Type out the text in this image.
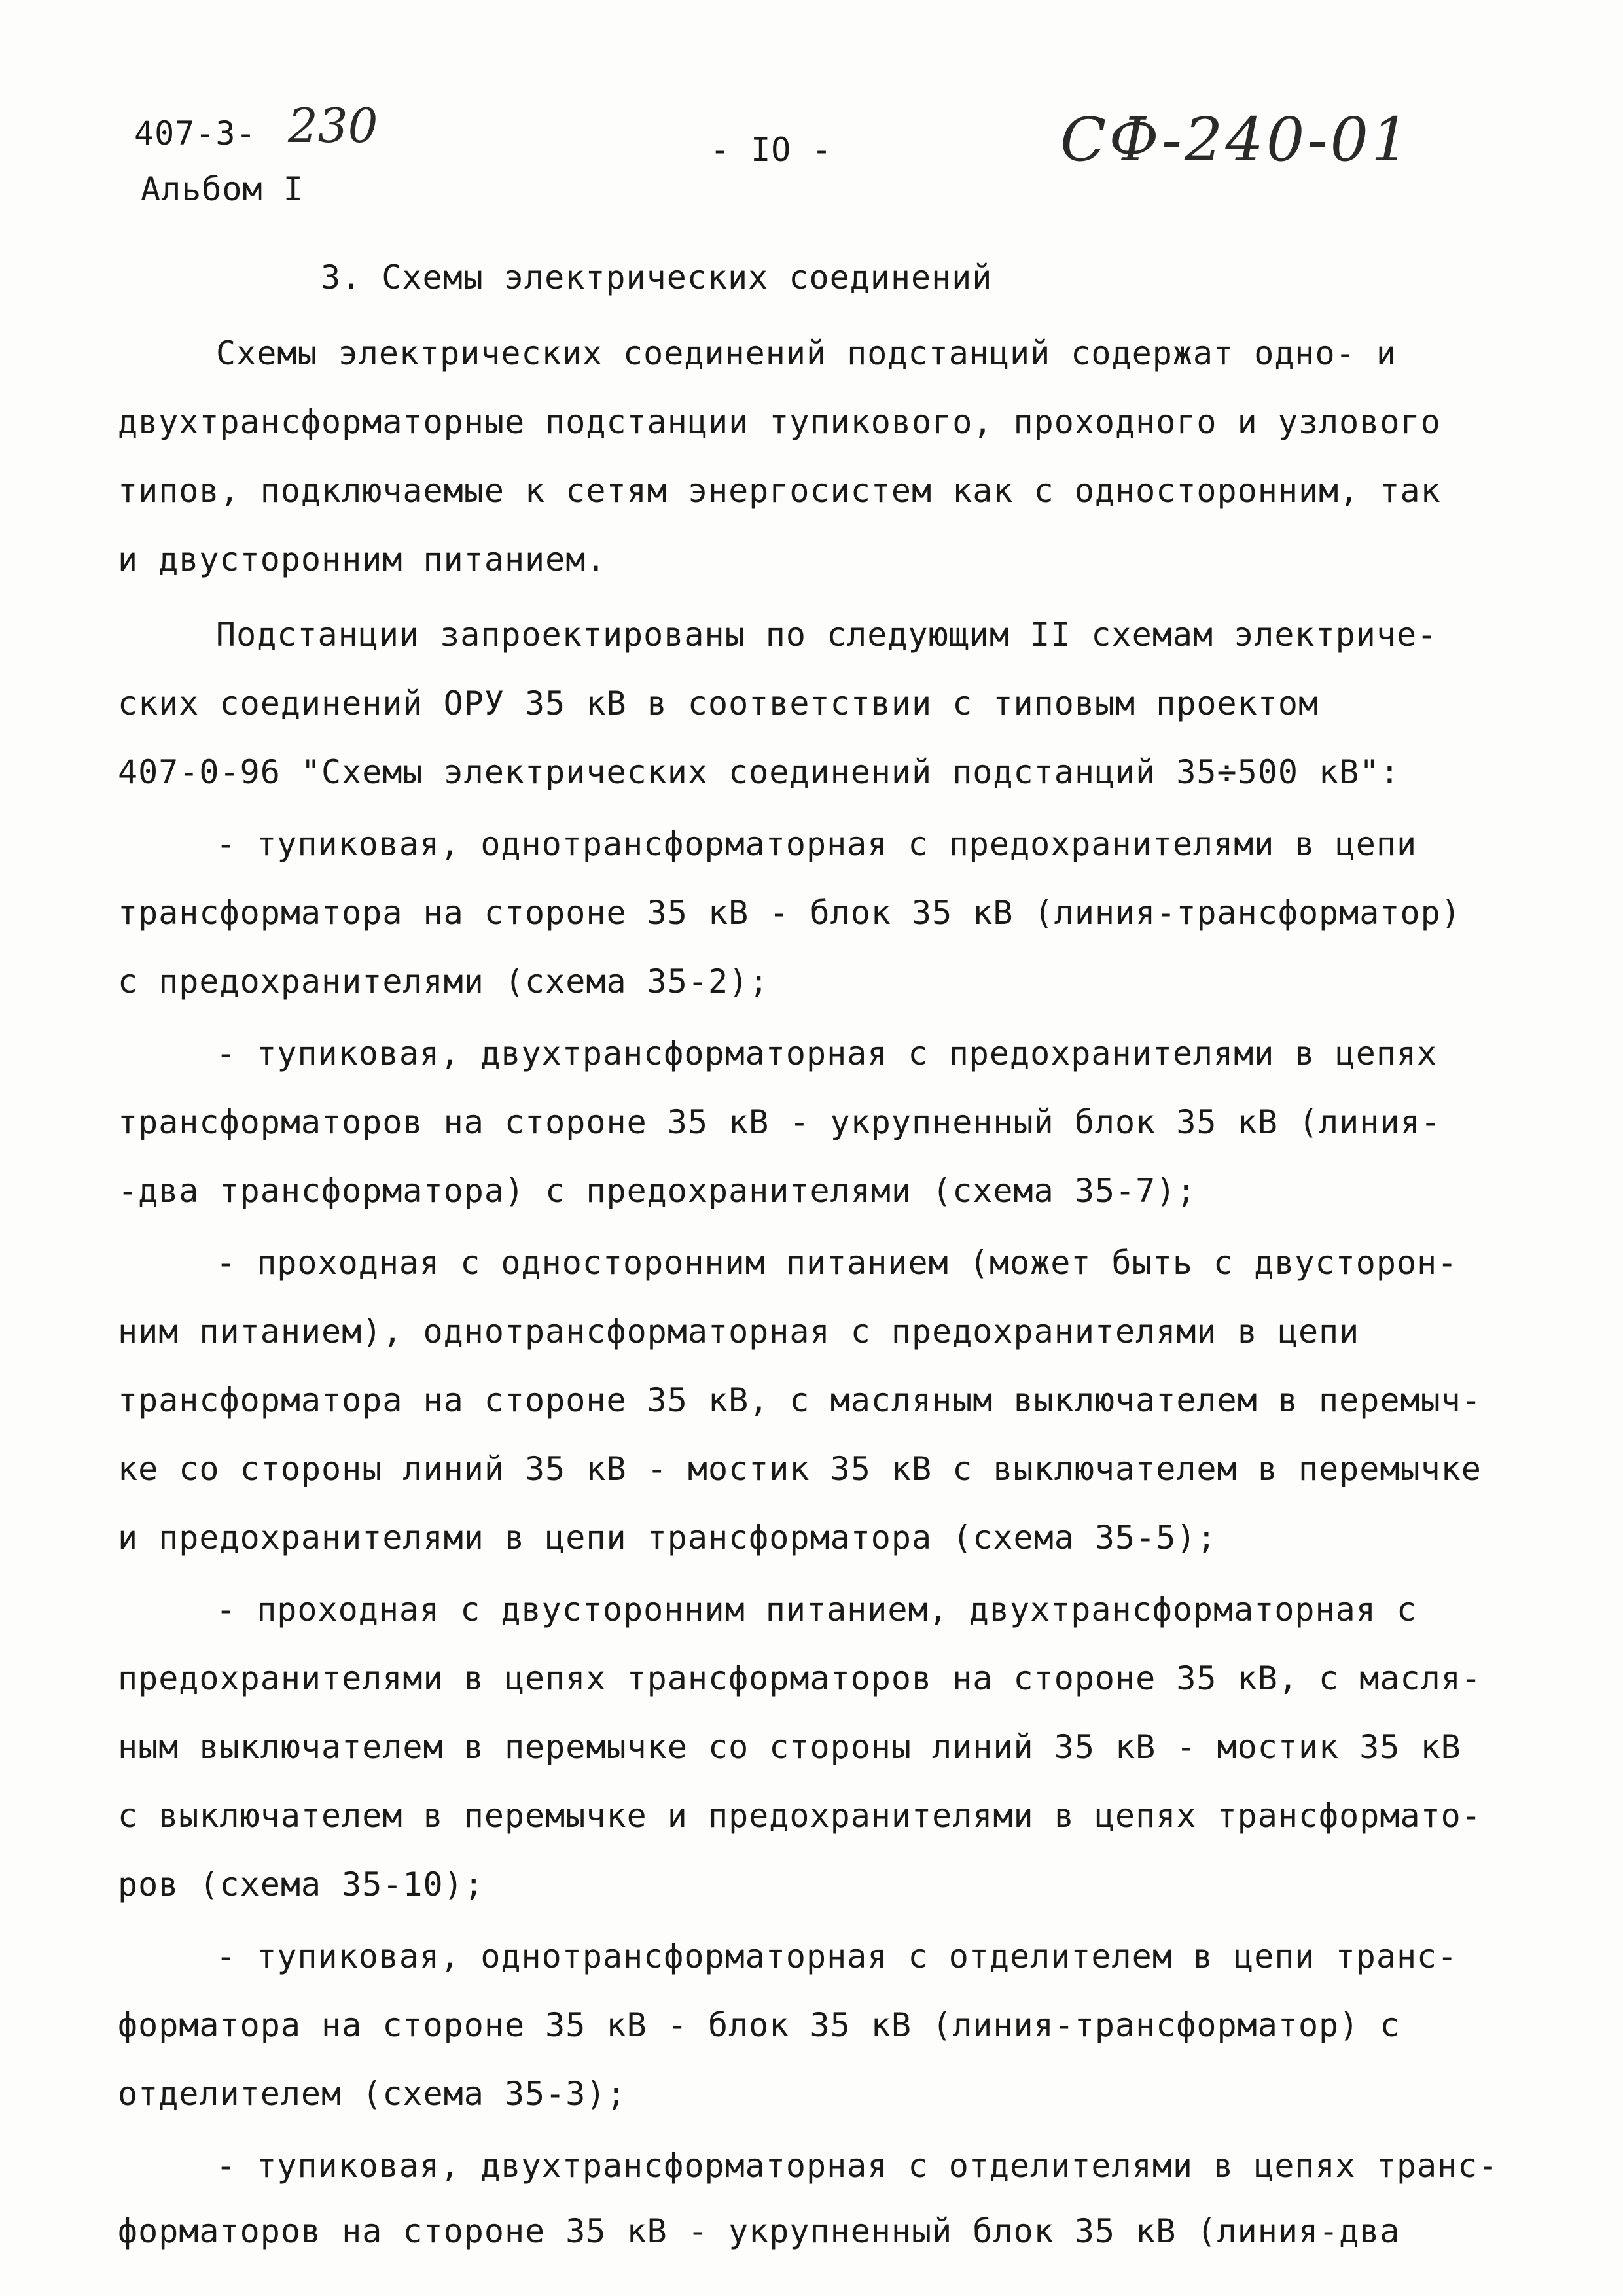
407-3- 230
Альбом I
- IO -	СФ-240-01
3. Схемы электрических соединений
Схемы электрических соединений подстанций содержат одно- и
двухтрансформаторные подстанции тупикового, проходного и узлового
типов, подключаемые к сетям энергосистем как с односторонним, так
и двусторонним питанием.
Подстанции запроектированы по следующим II схемам электриче-
ских соединений ОРУ 35 кВ в соответствии с типовым проектом
407-0-96 "Схемы электрических соединений подстанций 35÷500 кВ":
- тупиковая, однотрансформаторная с предохранителями в цепи
трансформатора на стороне 35 кВ - блок 35 кВ (линия-трансформатор)
с предохранителями (схема 35-2);
- тупиковая, двухтрансформаторная с предохранителями в цепях
трансформаторов на стороне 35 кВ - укрупненный блок 35 кВ (линия-
-два трансформатора) с предохранителями (схема 35-7);
- проходная с односторонним питанием (может быть с двусторон-
ним питанием), однотрансформаторная с предохранителями в цепи
трансформатора на стороне 35 кВ, с масляным выключателем в перемыч-
ке со стороны линий 35 кВ - мостик 35 кВ с выключателем в перемычке
и предохранителями в цепи трансформатора (схема 35-5);
- проходная с двусторонним питанием, двухтрансформаторная с
предохранителями в цепях трансформаторов на стороне 35 кВ, с масля-
ным выключателем в перемычке со стороны линий 35 кВ - мостик 35 кВ
с выключателем в перемычке и предохранителями в цепях трансформато-
ров (схема 35-10);
- тупиковая, однотрансформаторная с отделителем в цепи транс-
форматора на стороне 35 кВ - блок 35 кВ (линия-трансформатор) с
отделителем (схема 35-3);
- тупиковая, двухтрансформаторная с отделителями в цепях транс-
форматоров на стороне 35 кВ - укрупненный блок 35 кВ (линия-два
